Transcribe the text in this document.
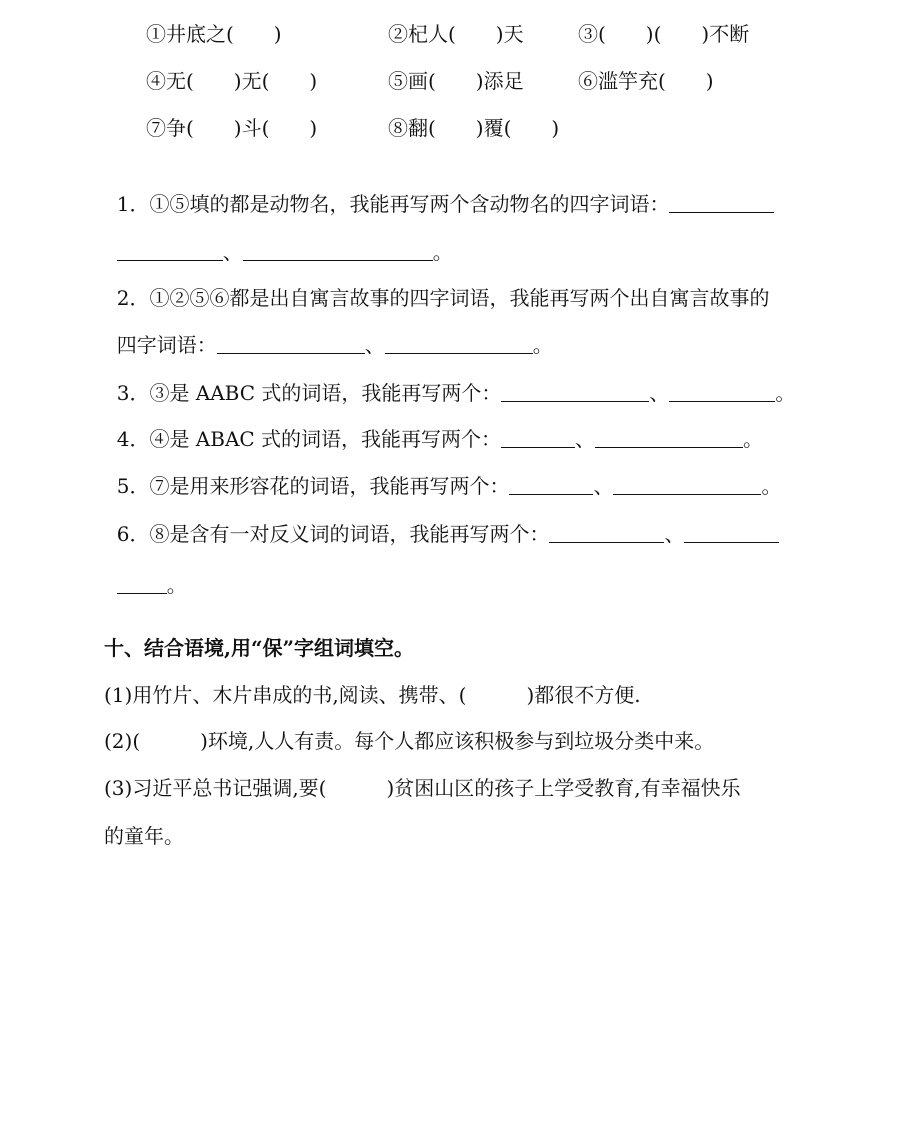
①井底之(　　)	②杞人(　　)天	③(　　)(　　)不断
④无(　　)无(　　)	⑤画(　　)添足	⑥滥竽充(　　)
⑦争(　　)斗(　　)	⑧翻(　　)覆(　　)

1．①⑤填的都是动物名，我能再写两个含动物名的四字词语：

、	。

2．①②⑤⑥都是出自寓言故事的四字词语，我能再写两个出自寓言故事的

四字词语：	、	。

3．③是 AABC 式的词语，我能再写两个：	、	。

4．④是 ABAC 式的词语，我能再写两个：	、	。

5．⑦是用来形容花的词语，我能再写两个：	、	。

6．⑧是含有一对反义词的词语，我能再写两个：	、

。

十、结合语境,用“保”字组词填空。
(1)用竹片、木片串成的书,阅读、携带、(　　　)都很不方便.
(2)(　　　)环境,人人有责。每个人都应该积极参与到垃圾分类中来。
(3)习近平总书记强调,要(　　　)贫困山区的孩子上学受教育,有幸福快乐
的童年。
